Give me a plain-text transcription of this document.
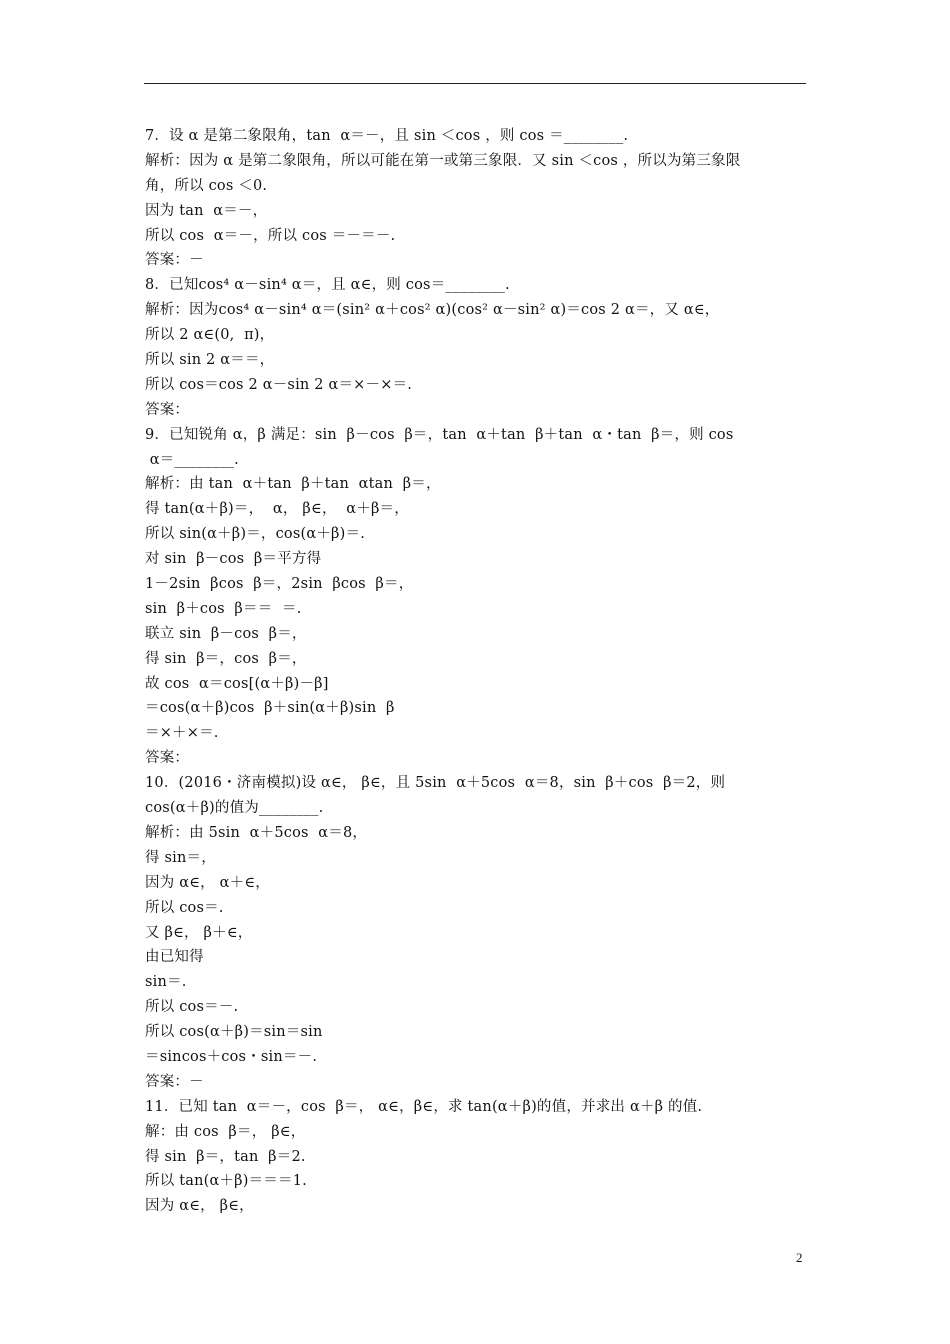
7．设 α 是第二象限角，tan  α＝－，且 sin ＜cos ，则 cos ＝________.
解析：因为 α 是第二象限角，所以可能在第一或第三象限．又 sin ＜cos ，所以为第三象限
角，所以 cos ＜0.
因为 tan  α＝－，
所以 cos  α＝－，所以 cos ＝－＝－.
答案：－
8．已知cos⁴ α－sin⁴ α＝，且 α∈，则 cos＝________.
解析：因为cos⁴ α－sin⁴ α＝(sin² α＋cos² α)(cos² α－sin² α)＝cos 2 α＝，又 α∈，
所以 2 α∈(0,  π)，
所以 sin 2 α＝＝，
所以 cos＝cos 2 α－sin 2 α＝×－×＝.
答案：
9．已知锐角 α，β 满足：sin  β－cos  β＝，tan  α＋tan  β＋tan  α・tan  β＝，则 cos
α＝________.
解析：由 tan  α＋tan  β＋tan  αtan  β＝，
得 tan(α＋β)＝，  α， β∈，  α＋β＝，
所以 sin(α＋β)＝，cos(α＋β)＝.
对 sin  β－cos  β＝平方得
1－2sin  βcos  β＝，2sin  βcos  β＝，
sin  β＋cos  β＝＝  ＝.
联立 sin  β－cos  β＝，
得 sin  β＝，cos  β＝，
故 cos  α＝cos[(α＋β)－β]
＝cos(α＋β)cos  β＋sin(α＋β)sin  β
＝×＋×＝.
答案：
10．(2016・济南模拟)设 α∈， β∈，且 5sin  α＋5cos  α＝8，sin  β＋cos  β＝2，则
cos(α＋β)的值为________.
解析：由 5sin  α＋5cos  α＝8，
得 sin＝，
因为 α∈， α＋∈，
所以 cos＝.
又 β∈， β＋∈，
由已知得
sin＝.
所以 cos＝－.
所以 cos(α＋β)＝sin＝sin
＝sincos＋cos・sin＝－.
答案：－
11．已知 tan  α＝－，cos  β＝， α∈，β∈，求 tan(α＋β)的值，并求出 α＋β 的值.
解：由 cos  β＝， β∈，
得 sin  β＝，tan  β＝2.
所以 tan(α＋β)＝＝＝1.
因为 α∈， β∈，
2
